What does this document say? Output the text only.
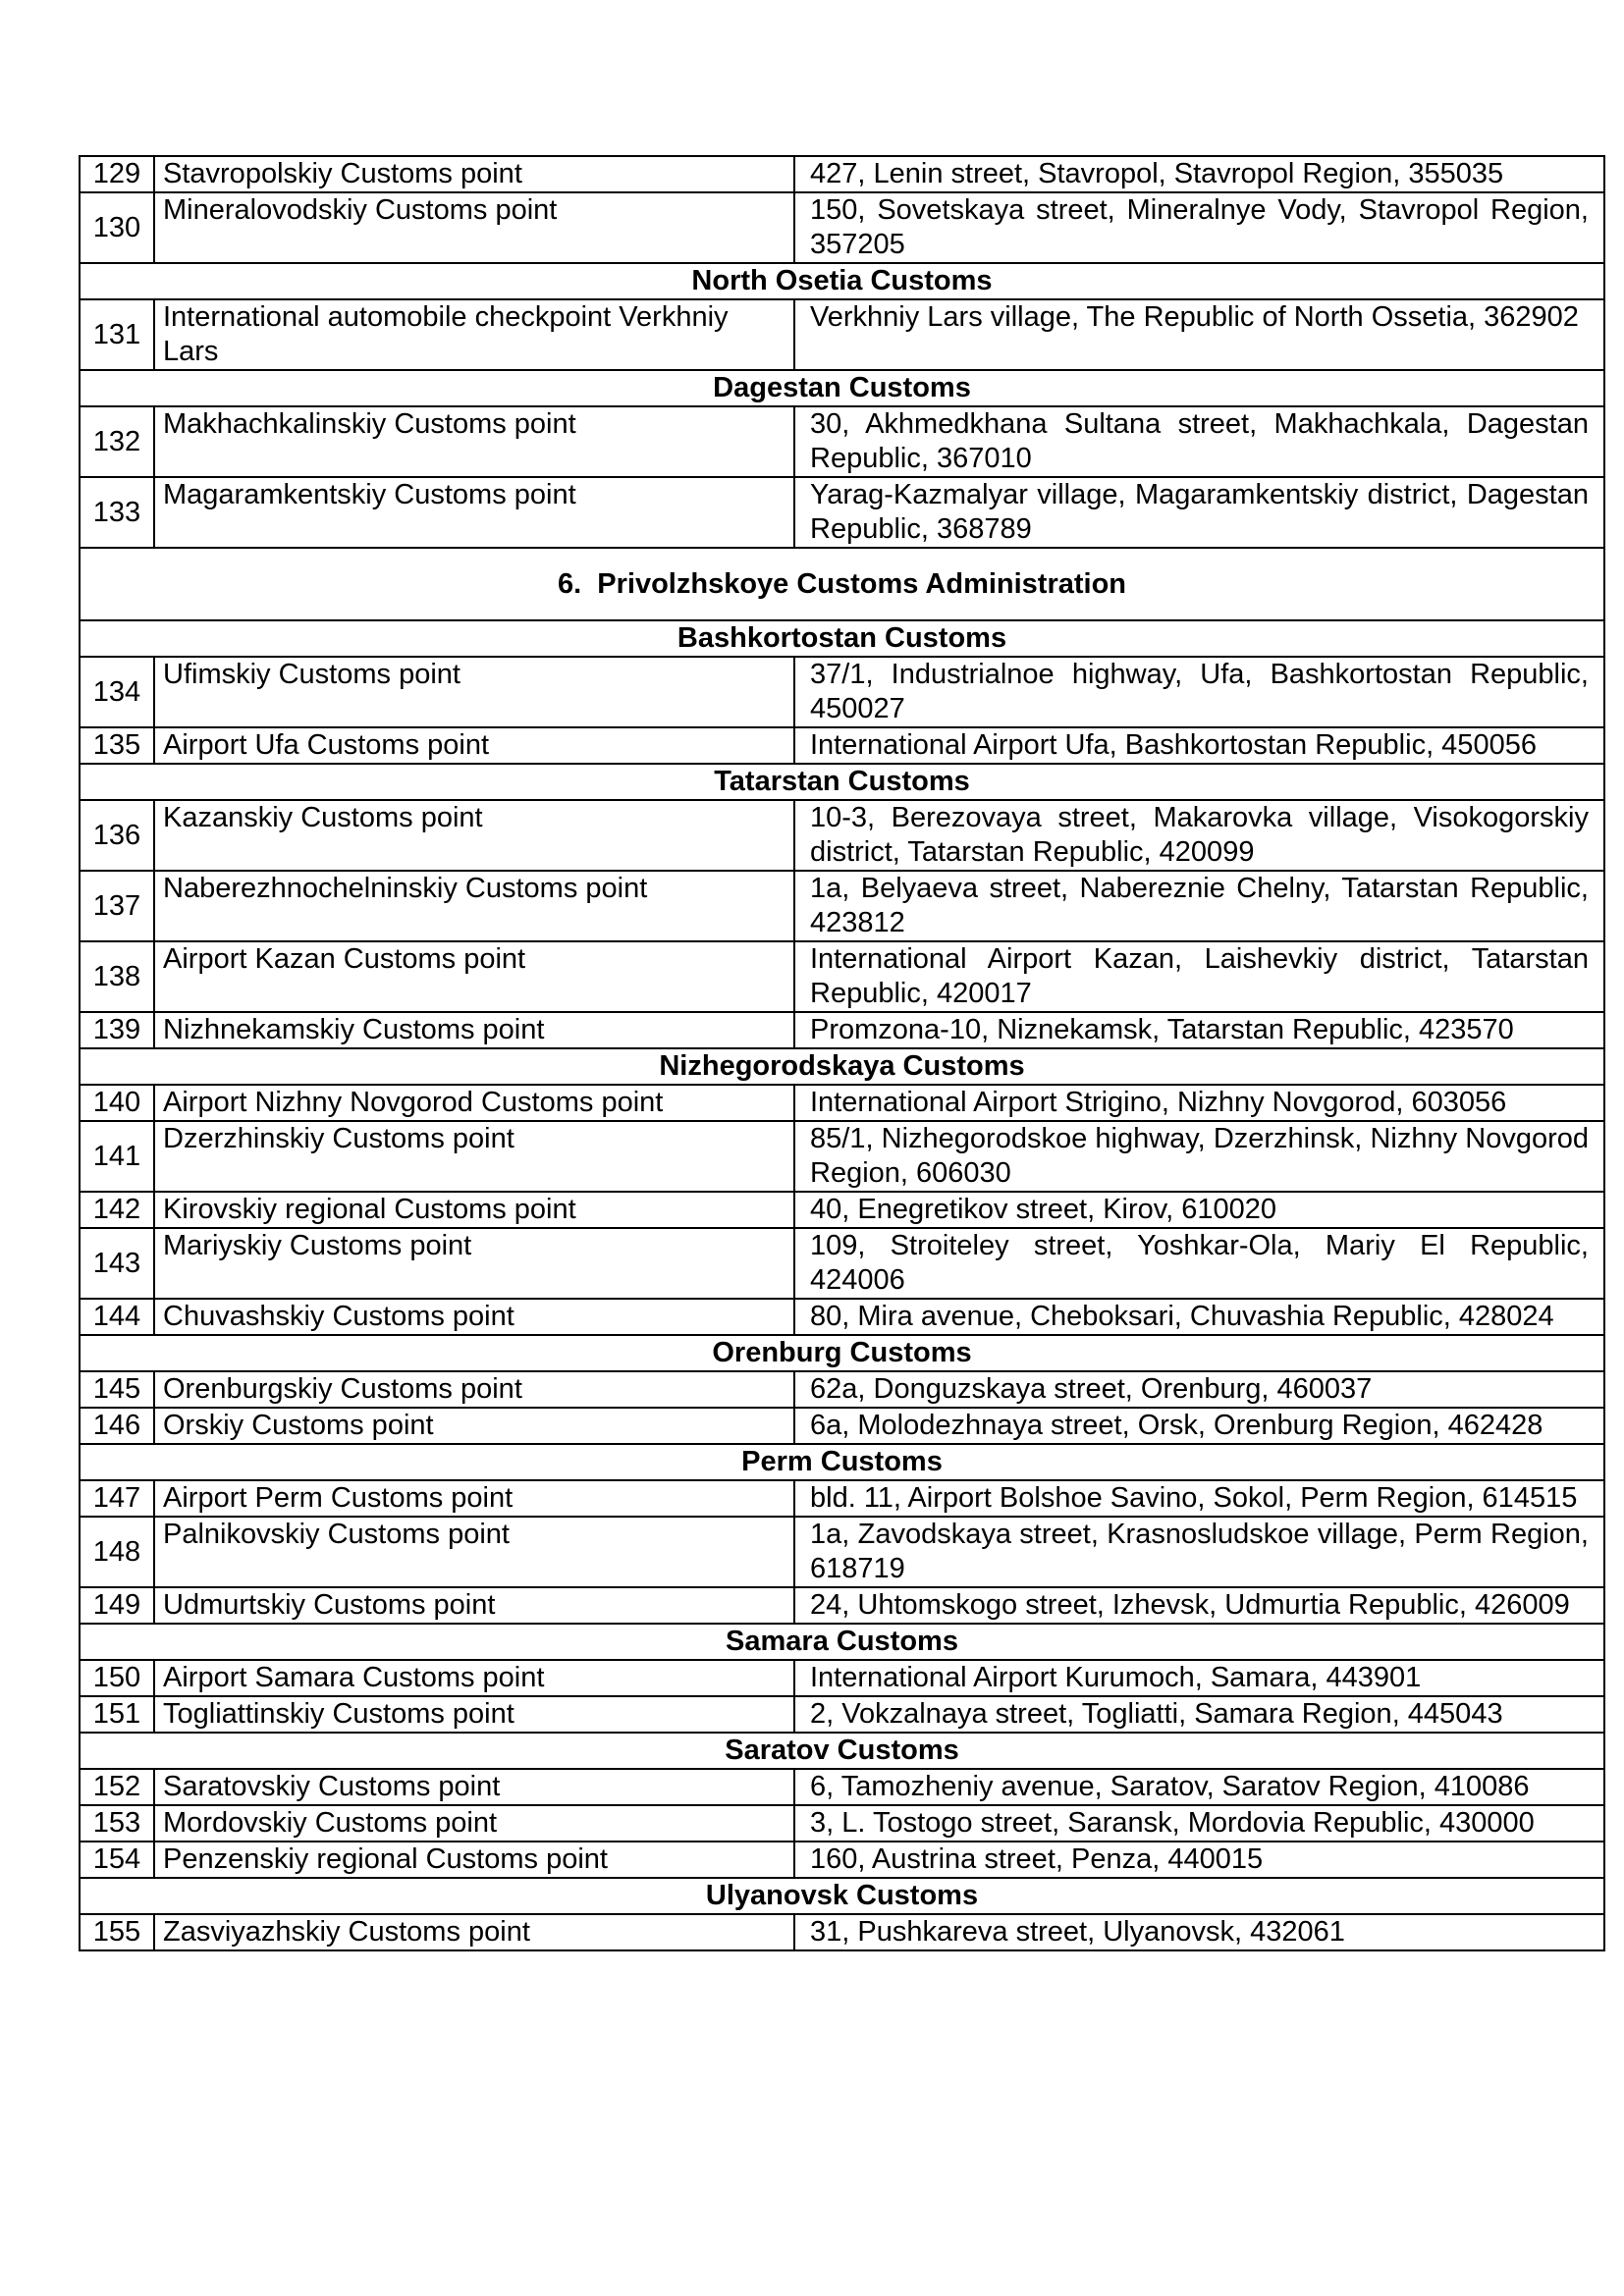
129	Stavropolskiy Customs point	427, Lenin street, Stavropol, Stavropol Region, 355035
130	Mineralovodskiy Customs point	150, Sovetskaya street, Mineralnye Vody, Stavropol Region, 357205
North Osetia Customs		
131	International automobile checkpoint Verkhniy Lars	Verkhniy Lars village, The Republic of North Ossetia, 362902
Dagestan Customs		
132	Makhachkalinskiy Customs point	30, Akhmedkhana Sultana street, Makhachkala, Dagestan Republic, 367010
133	Magaramkentskiy Customs point	Yarag-Kazmalyar village, Magaramkentskiy district, Dagestan Republic, 368789
6.  Privolzhskoye Customs Administration		
Bashkortostan Customs		
134	Ufimskiy Customs point	37/1, Industrialnoe highway, Ufa, Bashkortostan Republic, 450027
135	Airport Ufa Customs point	International Airport Ufa, Bashkortostan Republic, 450056
Tatarstan Customs		
136	Kazanskiy Customs point	10-3, Berezovaya street, Makarovka village, Visokogorskiy district, Tatarstan Republic, 420099
137	Naberezhnochelninskiy Customs point	1a, Belyaeva street, Nabereznie Chelny, Tatarstan Republic, 423812
138	Airport Kazan Customs point	International Airport Kazan, Laishevkiy district, Tatarstan Republic, 420017
139	Nizhnekamskiy Customs point	Promzona-10, Niznekamsk, Tatarstan Republic, 423570
Nizhegorodskaya Customs		
140	Airport Nizhny Novgorod Customs point	International Airport Strigino, Nizhny Novgorod, 603056
141	Dzerzhinskiy Customs point	85/1, Nizhegorodskoe highway, Dzerzhinsk, Nizhny Novgorod Region, 606030
142	Kirovskiy regional Customs point	40, Enegretikov street, Kirov, 610020
143	Mariyskiy Customs point	109, Stroiteley street, Yoshkar-Ola, Mariy El Republic, 424006
144	Chuvashskiy Customs point	80, Mira avenue, Cheboksari, Chuvashia Republic, 428024
Orenburg Customs		
145	Orenburgskiy Customs point	62a, Donguzskaya street, Orenburg, 460037
146	Orskiy Customs point	6a, Molodezhnaya street, Orsk, Orenburg Region, 462428
Perm Customs		
147	Airport Perm Customs point	bld. 11, Airport Bolshoe Savino, Sokol, Perm Region, 614515
148	Palnikovskiy Customs point	1a, Zavodskaya street, Krasnosludskoe village, Perm Region, 618719
149	Udmurtskiy Customs point	24, Uhtomskogo street, Izhevsk, Udmurtia Republic, 426009
Samara Customs		
150	Airport Samara Customs point	International Airport Kurumoch, Samara, 443901
151	Togliattinskiy Customs point	2, Vokzalnaya street, Togliatti, Samara Region, 445043
Saratov Customs		
152	Saratovskiy Customs point	6, Tamozheniy avenue, Saratov, Saratov Region, 410086
153	Mordovskiy Customs point	3, L. Tostogo street, Saransk, Mordovia Republic, 430000
154	Penzenskiy regional Customs point	160, Austrina street, Penza, 440015
Ulyanovsk Customs		
155	Zasviyazhskiy Customs point	31, Pushkareva street, Ulyanovsk, 432061
